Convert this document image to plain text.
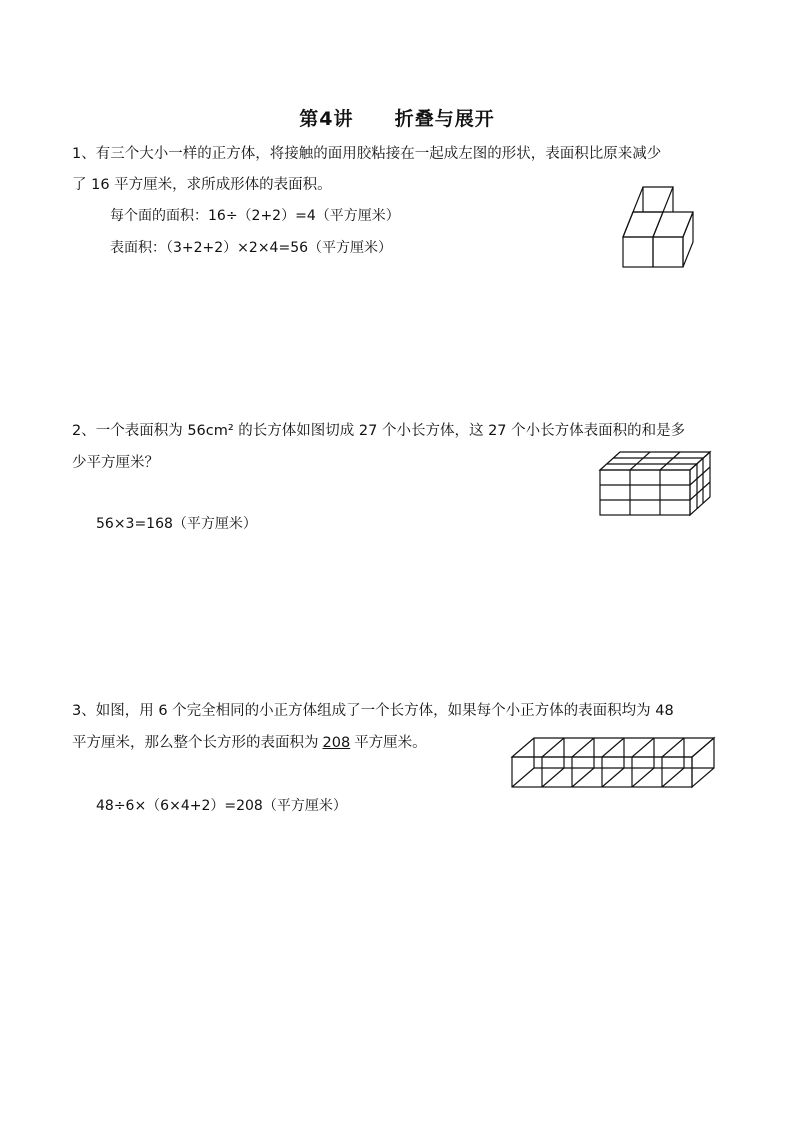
第4讲 折叠与展开
1、有三个大小一样的正方体，将接触的面用胶粘接在一起成左图的形状，表面积比原来减少
了 16 平方厘米，求所成形体的表面积。
每个面的面积：16÷（2+2）=4（平方厘米）
表面积：（3+2+2）×2×4=56（平方厘米）
2、一个表面积为 56cm² 的长方体如图切成 27 个小长方体，这 27 个小长方体表面积的和是多
少平方厘米？
56×3=168（平方厘米）
3、如图，用 6 个完全相同的小正方体组成了一个长方体，如果每个小正方体的表面积均为 48
平方厘米，那么整个长方形的表面积为 208 平方厘米。
48÷6×（6×4+2）=208（平方厘米）
